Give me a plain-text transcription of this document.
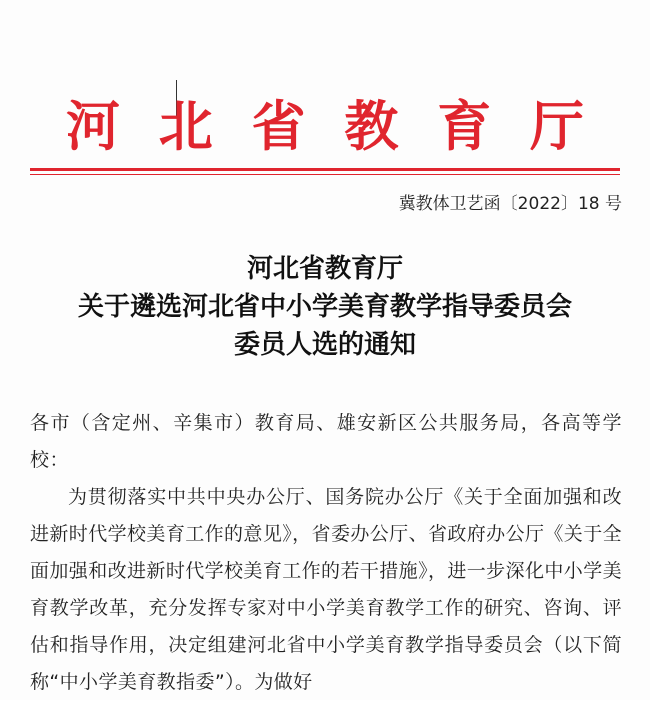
河 北 省 教 育 厅
冀教体卫艺函〔2022〕18 号
河北省教育厅
关于遴选河北省中小学美育教学指导委员会
委员人选的通知

各市（含定州、辛集市）教育局、雄安新区公共服务局，各高等学校：

为贯彻落实中共中央办公厅、国务院办公厅《关于全面加强和改进新时代学校美育工作的意见》，省委办公厅、省政府办公厅《关于全面加强和改进新时代学校美育工作的若干措施》，进一步深化中小学美育教学改革，充分发挥专家对中小学美育教学工作的研究、咨询、评估和指导作用，决定组建河北省中小学美育教学指导委员会（以下简称“中小学美育教指委”）。为做好
